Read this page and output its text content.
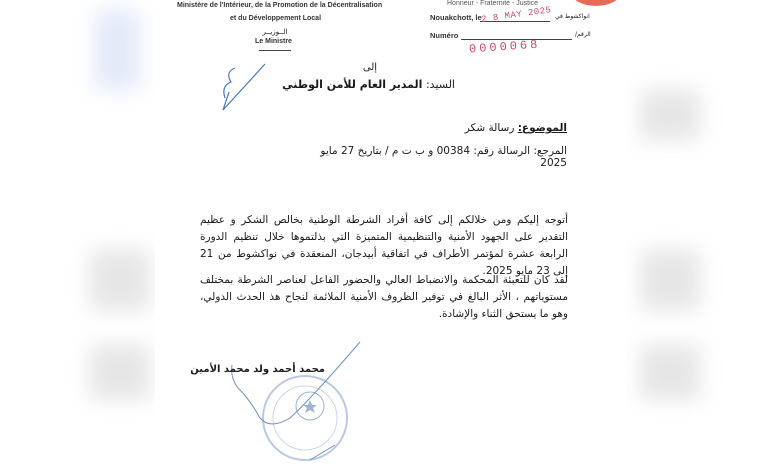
Ministère de l'Intérieur, de la Promotion de la Décentralisation
et du Développement Local
الــوزيــر
Le Ministre
Honneur - Fraternité - Justice
Nouakchott, le
2 8 MAY 2025 انواكشوط في
Numéro
0000068
الرقم/
إلى
السيد: المدير العام للأمن الوطني
الموضوع: رسالة شكر
المرجع: الرسالة رقم: 00384 و ب ت م / بتاريخ 27 مايو 2025
أتوجه إليكم ومن خلالكم إلى كافة أفراد الشرطة الوطنية بخالص الشكر و عظيم التقدير على الجهود الأمنية والتنظيمية المتميزة التي بذلتموها خلال تنظيم الدورة الرابعة عشرة لمؤتمر الأطراف في اتفاقية أبيدجان، المنعقدة في نواكشوط من 21 إلى 23 مايو 2025.
لقد كان للتعبئة المحكمة والانضباط العالي والحضور الفاعل لعناصر الشرطة بمختلف مستوياتهم ، الأثر البالغ في توفير الظروف الأمنية الملائمة لنجاح هذ الحدث الدولي، وهو ما يستحق الثناء والإشادة.
محمد أحمد ولد محمد الأمين
